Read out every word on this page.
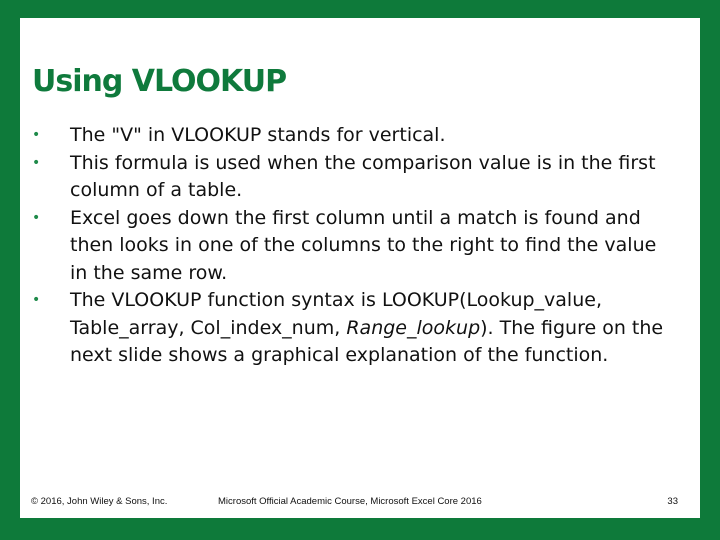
Using VLOOKUP
•	The "V" in VLOOKUP stands for vertical.
•	This formula is used when the comparison value is in the first column of a table.
•	Excel goes down the first column until a match is found and then looks in one of the columns to the right to find the value in the same row.
•	The VLOOKUP function syntax is LOOKUP(Lookup_value, Table_array, Col_index_num, Range_lookup). The figure on the next slide shows a graphical explanation of the function.
© 2016, John Wiley & Sons, Inc.	Microsoft Official Academic Course, Microsoft Excel Core 2016	33
